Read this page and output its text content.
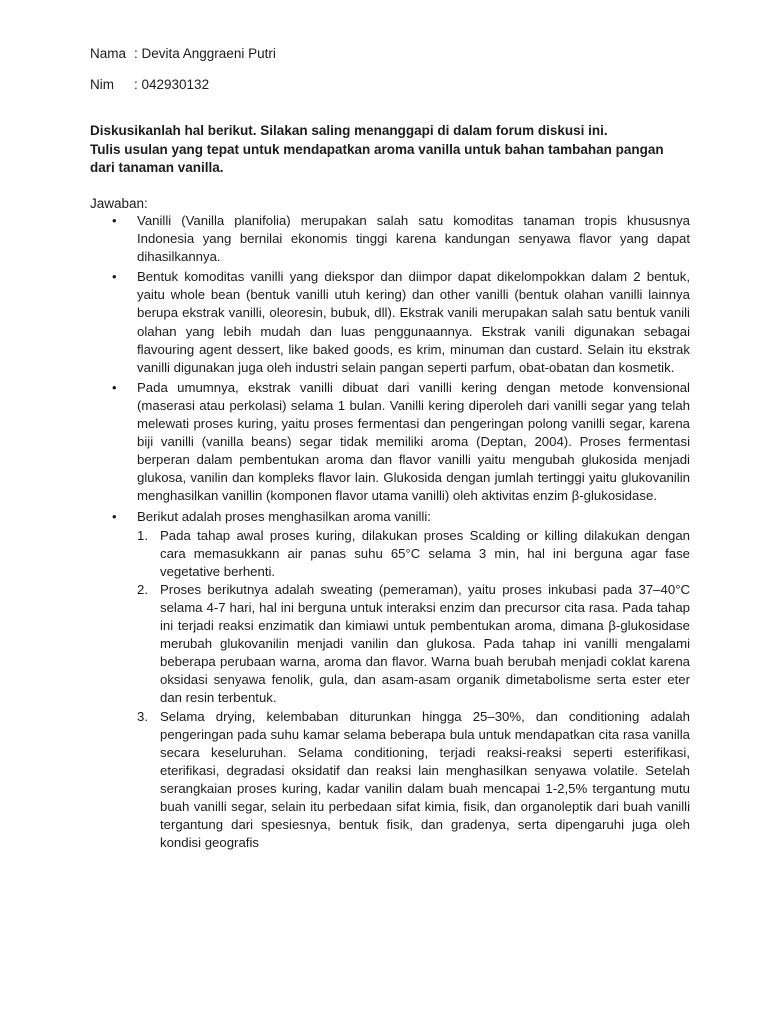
Nama : Devita Anggraeni Putri
Nim : 042930132

Diskusikanlah hal berikut. Silakan saling menanggapi di dalam forum diskusi ini.

Tulis usulan yang tepat untuk mendapatkan aroma vanilla untuk bahan tambahan pangan dari tanaman vanilla.

Jawaban:
• Vanilli (Vanilla planifolia) merupakan salah satu komoditas tanaman tropis khususnya Indonesia yang bernilai ekonomis tinggi karena kandungan senyawa flavor yang dapat dihasilkannya.

• Bentuk komoditas vanilli yang diekspor dan diimpor dapat dikelompokkan dalam 2 bentuk, yaitu whole bean (bentuk vanilli utuh kering) dan other vanilli (bentuk olahan vanilli lainnya berupa ekstrak vanilli, oleoresin, bubuk, dll). Ekstrak vanili merupakan salah satu bentuk vanili olahan yang lebih mudah dan luas penggunaannya. Ekstrak vanili digunakan sebagai flavouring agent dessert, like baked goods, es krim, minuman dan custard. Selain itu ekstrak vanilli digunakan juga oleh industri selain pangan seperti parfum, obat-obatan dan kosmetik.

• Pada umumnya, ekstrak vanilli dibuat dari vanilli kering dengan metode konvensional (maserasi atau perkolasi) selama 1 bulan. Vanilli kering diperoleh dari vanilli segar yang telah melewati proses kuring, yaitu proses fermentasi dan pengeringan polong vanilli segar, karena biji vanilli (vanilla beans) segar tidak memiliki aroma (Deptan, 2004). Proses fermentasi berperan dalam pembentukan aroma dan flavor vanilli yaitu mengubah glukosida menjadi glukosa, vanilin dan kompleks flavor lain. Glukosida dengan jumlah tertinggi yaitu glukovanilin menghasilkan vanillin (komponen flavor utama vanilli) oleh aktivitas enzim β-glukosidase.

• Berikut adalah proses menghasilkan aroma vanilli:

1. Pada tahap awal proses kuring, dilakukan proses Scalding or killing dilakukan dengan cara memasukkann air panas suhu 65°C selama 3 min, hal ini berguna agar fase vegetative berhenti.

2. Proses berikutnya adalah sweating (pemeraman), yaitu proses inkubasi pada 37–40°C selama 4-7 hari, hal ini berguna untuk interaksi enzim dan precursor cita rasa. Pada tahap ini terjadi reaksi enzimatik dan kimiawi untuk pembentukan aroma, dimana β-glukosidase merubah glukovanilin menjadi vanilin dan glukosa. Pada tahap ini vanilli mengalami beberapa perubaan warna, aroma dan flavor. Warna buah berubah menjadi coklat karena oksidasi senyawa fenolik, gula, dan asam-asam organik dimetabolisme serta ester eter dan resin terbentuk.

3. Selama drying, kelembaban diturunkan hingga 25–30%, dan conditioning adalah pengeringan pada suhu kamar selama beberapa bula untuk mendapatkan cita rasa vanilla secara keseluruhan. Selama conditioning, terjadi reaksi-reaksi seperti esterifikasi, eterifikasi, degradasi oksidatif dan reaksi lain menghasilkan senyawa volatile. Setelah serangkaian proses kuring, kadar vanilin dalam buah mencapai 1-2,5% tergantung mutu buah vanilli segar, selain itu perbedaan sifat kimia, fisik, dan organoleptik dari buah vanilli tergantung dari spesiesnya, bentuk fisik, dan gradenya, serta dipengaruhi juga oleh kondisi geografis
